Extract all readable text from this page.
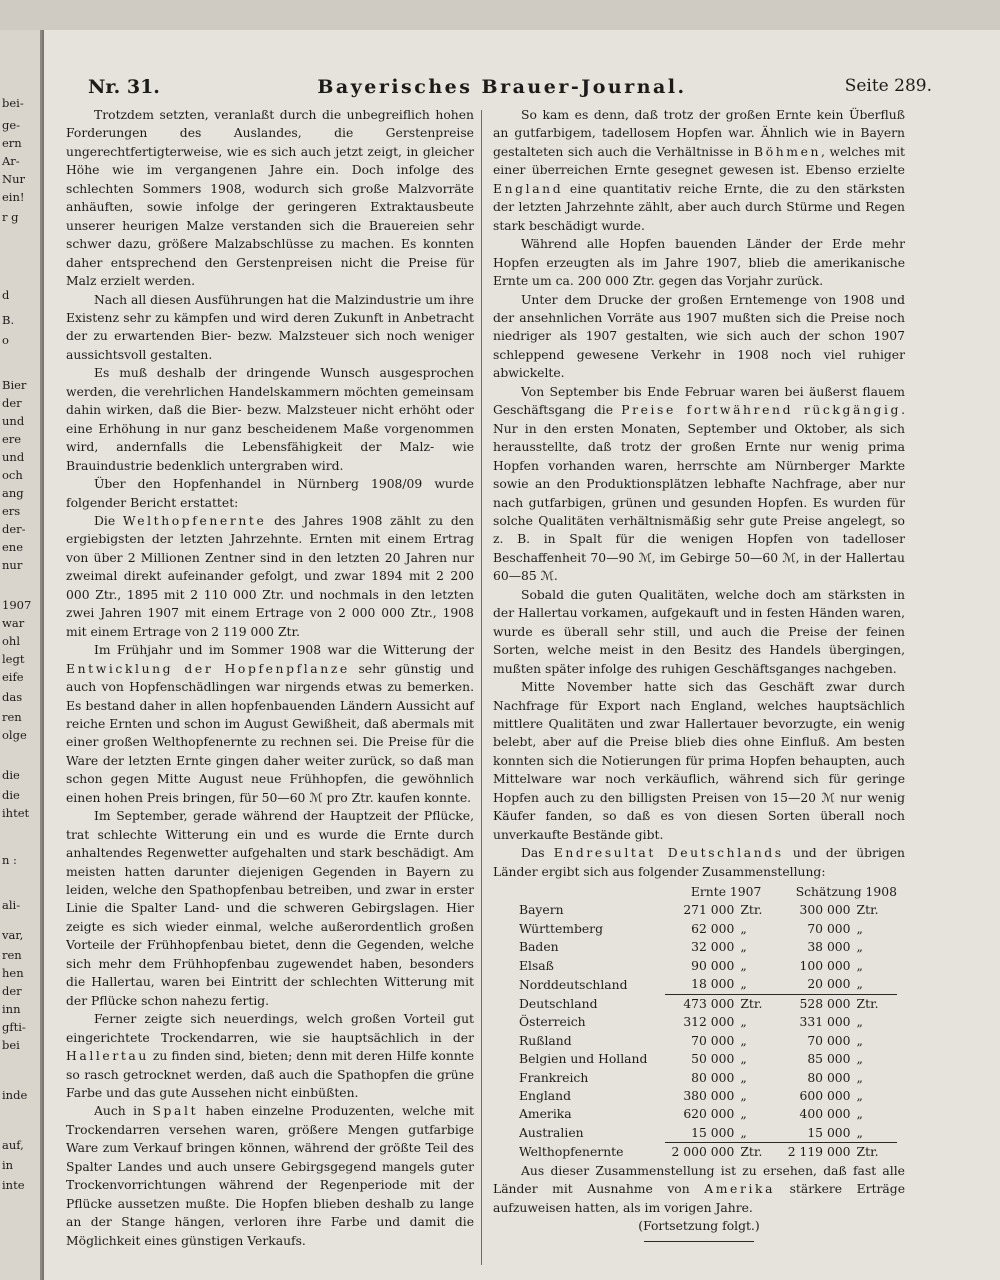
bei-
ge-
ern
Ar-
Nur
ein!
r g
d
B.
o
Bier
der
und
ere
und
och
ang
ers
der-
ene
nur
1907
war
ohl
legt
eife
das
ren
olge
die
die
ihtet
n :
ali-
var,
ren
hen
der
inn
gfti-
bei
inde
auf,
in
inte
Nr. 31.	Bayerisches Brauer-Journal.	Seite 289.

Trotzdem setzten, veranlaßt durch die unbegreiflich hohen Forderungen des Auslandes, die Gerstenpreise ungerechtfertigterweise, wie es sich auch jetzt zeigt, in gleicher Höhe wie im vergangenen Jahre ein. Doch infolge des schlechten Sommers 1908, wodurch sich große Malzvorräte anhäuften, sowie infolge der geringeren Extraktausbeute unserer heurigen Malze verstanden sich die Brauereien sehr schwer dazu, größere Malzabschlüsse zu machen. Es konnten daher entsprechend den Gerstenpreisen nicht die Preise für Malz erzielt werden.

Nach all diesen Ausführungen hat die Malzindustrie um ihre Existenz sehr zu kämpfen und wird deren Zukunft in Anbetracht der zu erwartenden Bier- bezw. Malzsteuer sich noch weniger aussichtsvoll gestalten.

Es muß deshalb der dringende Wunsch ausgesprochen werden, die verehrlichen Handelskammern möchten gemeinsam dahin wirken, daß die Bier- bezw. Malzsteuer nicht erhöht oder eine Erhöhung in nur ganz bescheidenem Maße vorgenommen wird, andernfalls die Lebensfähigkeit der Malz- wie Brauindustrie bedenklich untergraben wird.

Über den Hopfenhandel in Nürnberg 1908/09 wurde folgender Bericht erstattet:

Die Welthopfenernte des Jahres 1908 zählt zu den ergiebigsten der letzten Jahrzehnte. Ernten mit einem Ertrag von über 2 Millionen Zentner sind in den letzten 20 Jahren nur zweimal direkt aufeinander gefolgt, und zwar 1894 mit 2 200 000 Ztr., 1895 mit 2 110 000 Ztr. und nochmals in den letzten zwei Jahren 1907 mit einem Ertrage von 2 000 000 Ztr., 1908 mit einem Ertrage von 2 119 000 Ztr.

Im Frühjahr und im Sommer 1908 war die Witterung der Entwicklung der Hopfenpflanze sehr günstig und auch von Hopfenschädlingen war nirgends etwas zu bemerken. Es bestand daher in allen hopfenbauenden Ländern Aussicht auf reiche Ernten und schon im August Gewißheit, daß abermals mit einer großen Welthopfenernte zu rechnen sei. Die Preise für die Ware der letzten Ernte gingen daher weiter zurück, so daß man schon gegen Mitte August neue Frühhopfen, die gewöhnlich einen hohen Preis bringen, für 50—60 ℳ pro Ztr. kaufen konnte.

Im September, gerade während der Hauptzeit der Pflücke, trat schlechte Witterung ein und es wurde die Ernte durch anhaltendes Regenwetter aufgehalten und stark beschädigt. Am meisten hatten darunter diejenigen Gegenden in Bayern zu leiden, welche den Spathopfenbau betreiben, und zwar in erster Linie die Spalter Land- und die schweren Gebirgslagen. Hier zeigte es sich wieder einmal, welche außerordentlich großen Vorteile der Frühhopfenbau bietet, denn die Gegenden, welche sich mehr dem Frühhopfenbau zugewendet haben, besonders die Hallertau, waren bei Eintritt der schlechten Witterung mit der Pflücke schon nahezu fertig.

Ferner zeigte sich neuerdings, welch großen Vorteil gut eingerichtete Trockendarren, wie sie hauptsächlich in der Hallertau zu finden sind, bieten; denn mit deren Hilfe konnte so rasch getrocknet werden, daß auch die Spathopfen die grüne Farbe und das gute Aussehen nicht einbüßten.

Auch in Spalt haben einzelne Produzenten, welche mit Trockendarren versehen waren, größere Mengen gutfarbige Ware zum Verkauf bringen können, während der größte Teil des Spalter Landes und auch unsere Gebirgsgegend mangels guter Trockenvorrichtungen während der Regenperiode mit der Pflücke aussetzen mußte. Die Hopfen blieben deshalb zu lange an der Stange hängen, verloren ihre Farbe und damit die Möglichkeit eines günstigen Verkaufs.

So kam es denn, daß trotz der großen Ernte kein Überfluß an gutfarbigem, tadellosem Hopfen war. Ähnlich wie in Bayern gestalteten sich auch die Verhältnisse in Böhmen, welches mit einer überreichen Ernte gesegnet gewesen ist. Ebenso erzielte England eine quantitativ reiche Ernte, die zu den stärksten der letzten Jahrzehnte zählt, aber auch durch Stürme und Regen stark beschädigt wurde.

Während alle Hopfen bauenden Länder der Erde mehr Hopfen erzeugten als im Jahre 1907, blieb die amerikanische Ernte um ca. 200 000 Ztr. gegen das Vorjahr zurück.

Unter dem Drucke der großen Erntemenge von 1908 und der ansehnlichen Vorräte aus 1907 mußten sich die Preise noch niedriger als 1907 gestalten, wie sich auch der schon 1907 schleppend gewesene Verkehr in 1908 noch viel ruhiger abwickelte.

Von September bis Ende Februar waren bei äußerst flauem Geschäftsgang die Preise fortwährend rückgängig. Nur in den ersten Monaten, September und Oktober, als sich herausstellte, daß trotz der großen Ernte nur wenig prima Hopfen vorhanden waren, herrschte am Nürnberger Markte sowie an den Produktionsplätzen lebhafte Nachfrage, aber nur nach gutfarbigen, grünen und gesunden Hopfen. Es wurden für solche Qualitäten verhältnismäßig sehr gute Preise angelegt, so z. B. in Spalt für die wenigen Hopfen von tadelloser Beschaffenheit 70—90 ℳ, im Gebirge 50—60 ℳ, in der Hallertau 60—85 ℳ.

Sobald die guten Qualitäten, welche doch am stärksten in der Hallertau vorkamen, aufgekauft und in festen Händen waren, wurde es überall sehr still, und auch die Preise der feinen Sorten, welche meist in den Besitz des Handels übergingen, mußten später infolge des ruhigen Geschäftsganges nachgeben.

Mitte November hatte sich das Geschäft zwar durch Nachfrage für Export nach England, welches hauptsächlich mittlere Qualitäten und zwar Hallertauer bevorzugte, ein wenig belebt, aber auf die Preise blieb dies ohne Einfluß. Am besten konnten sich die Notierungen für prima Hopfen behaupten, auch Mittelware war noch verkäuflich, während sich für geringe Hopfen auch zu den billigsten Preisen von 15—20 ℳ nur wenig Käufer fanden, so daß es von diesen Sorten überall noch unverkaufte Bestände gibt.

Das Endresultat Deutschlands und der übrigen Länder ergibt sich aus folgender Zusammenstellung:

	Ernte 1907		Schätzung 1908	
Bayern	271 000	Ztr.	300 000	Ztr.
Württemberg	62 000	„	70 000	„
Baden	32 000	„	38 000	„
Elsaß	90 000	„	100 000	„
Norddeutschland	18 000	„	20 000	„
Deutschland	473 000	Ztr.	528 000	Ztr.
Österreich	312 000	„	331 000	„
Rußland	70 000	„	70 000	„
Belgien und Holland	50 000	„	85 000	„
Frankreich	80 000	„	80 000	„
England	380 000	„	600 000	„
Amerika	620 000	„	400 000	„
Australien	15 000	„	15 000	„
Welthopfenernte	2 000 000	Ztr.	2 119 000	Ztr.

Aus dieser Zusammenstellung ist zu ersehen, daß fast alle Länder mit Ausnahme von Amerika stärkere Erträge aufzuweisen hatten, als im vorigen Jahre.

(Fortsetzung folgt.)
